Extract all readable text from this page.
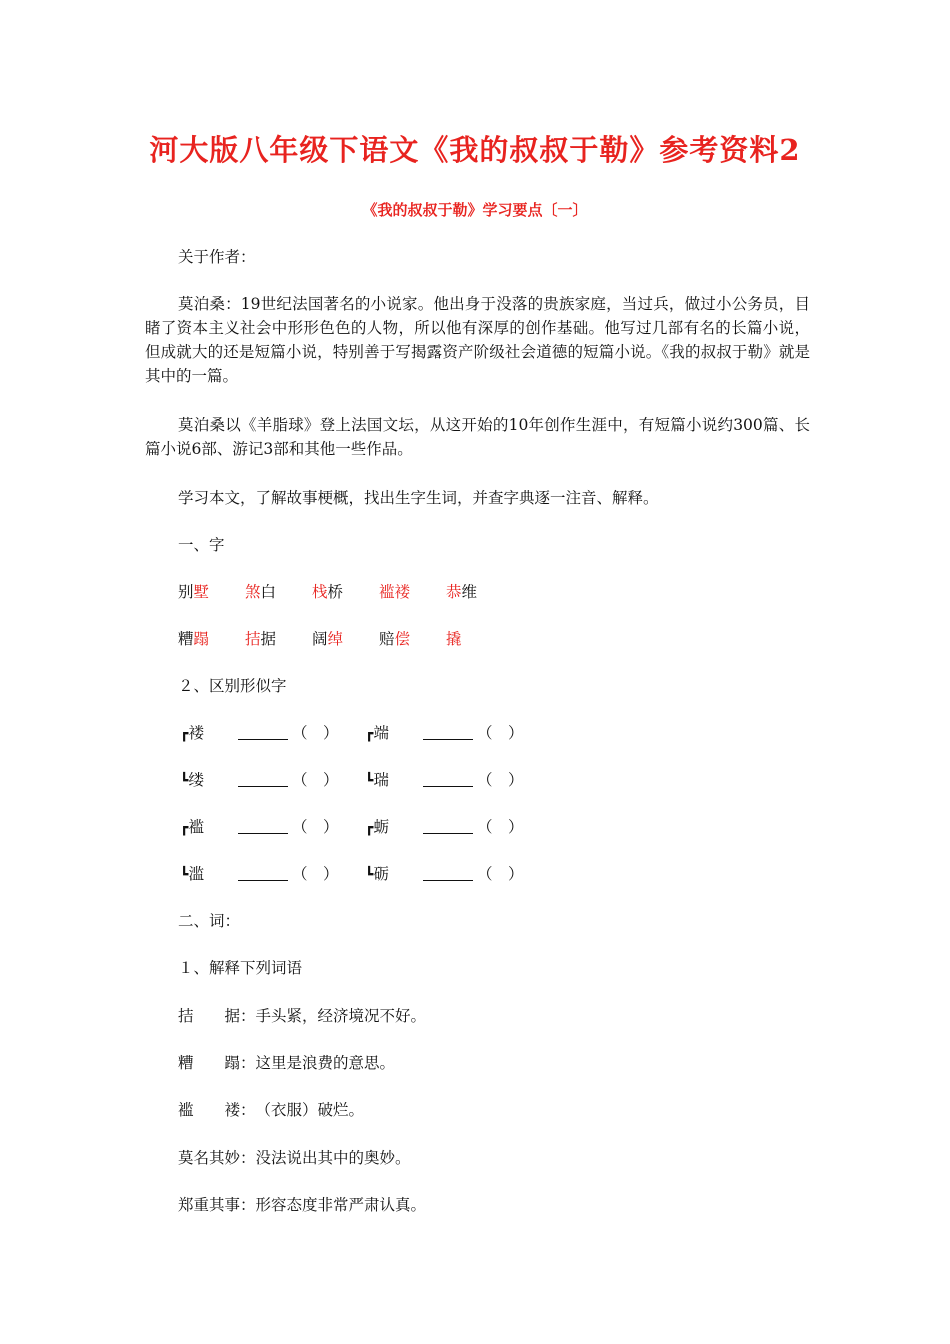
河大版八年级下语文《我的叔叔于勒》参考资料2
《我的叔叔于勒》学习要点〔一〕
关于作者：
莫泊桑：19世纪法国著名的小说家。他出身于没落的贵族家庭，当过兵，做过小公务员，目睹了资本主义社会中形形色色的人物，所以他有深厚的创作基础。他写过几部有名的长篇小说，但成就大的还是短篇小说，特别善于写揭露资产阶级社会道德的短篇小说。《我的叔叔于勒》就是其中的一篇。
莫泊桑以《羊脂球》登上法国文坛，从这开始的10年创作生涯中，有短篇小说约300篇、长篇小说6部、游记3部和其他一些作品。
学习本文，了解故事梗概，找出生字生词，并查字典逐一注音、解释。
一、字
别墅 煞白 栈桥 褴褛 恭维
糟蹋 拮据 阔绰 赔偿 撬
２、区别形似字
┏褛	（　） ┏端	（　）
┗缕	（　） ┗瑞	（　）
┏褴	（　） ┏蛎	（　）
┗滥	（　） ┗砺	（　）
二、词：
１、解释下列词语
拮　　据：手头紧，经济境况不好。
糟　　蹋：这里是浪费的意思。
褴　　褛：（衣服）破烂。
莫名其妙：没法说出其中的奥妙。
郑重其事：形容态度非常严肃认真。
